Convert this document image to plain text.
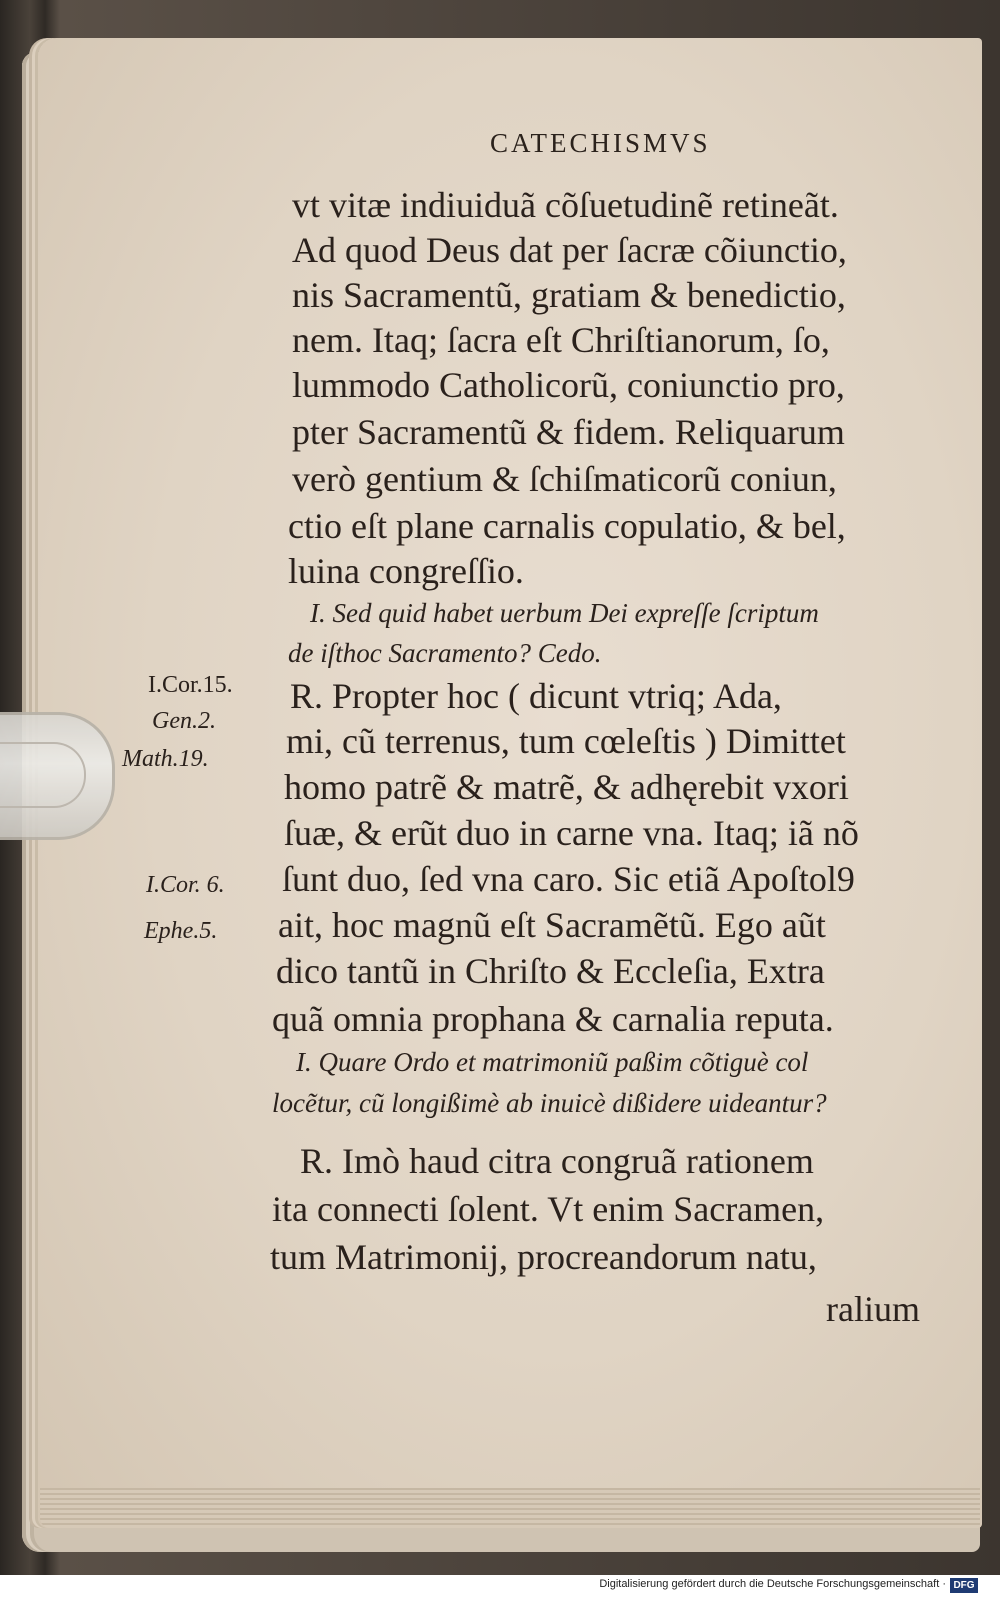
CATECHISMVS
vt vitæ indiuiduã cõſuetudinẽ retineãt.
Ad quod Deus dat per ſacræ cõiunctio,
nis Sacramentũ, gratiam & benedictio,
nem. Itaq; ſacra eſt Chriſtianorum, ſo,
lummodo Catholicorũ, coniunctio pro,
pter Sacramentũ & fidem. Reliquarum
verò gentium & ſchiſmaticorũ coniun,
ctio eſt plane carnalis copulatio, & bel,
luina congreſſio.
I. Sed quid habet uerbum Dei expreſſe ſcriptum
de iſthoc Sacramento? Cedo.
R. Propter hoc ( dicunt vtriq; Ada,
mi, cũ terrenus, tum cœleſtis ) Dimittet
homo patrẽ & matrẽ, & adhęrebit vxori
ſuæ, & erũt duo in carne vna. Itaq; iã nõ
ſunt duo, ſed vna caro. Sic etiã Apoſtol9
ait, hoc magnũ eſt Sacramẽtũ. Ego aũt
dico tantũ in Chriſto & Eccleſia, Extra
quã omnia prophana & carnalia reputa.
I. Quare Ordo et matrimoniũ paßim cõtiguè col
locẽtur, cũ longißimè ab inuicè dißidere uideantur?
R. Imò haud citra congruã rationem
ita connecti ſolent. Vt enim Sacramen,
tum Matrimonij, procreandorum natu,
ralium
I.Cor.15.
Gen.2.
Math.19.
I.Cor. 6.
Ephe.5.
Digitalisierung gefördert durch die Deutsche Forschungsgemeinschaft · DFG
